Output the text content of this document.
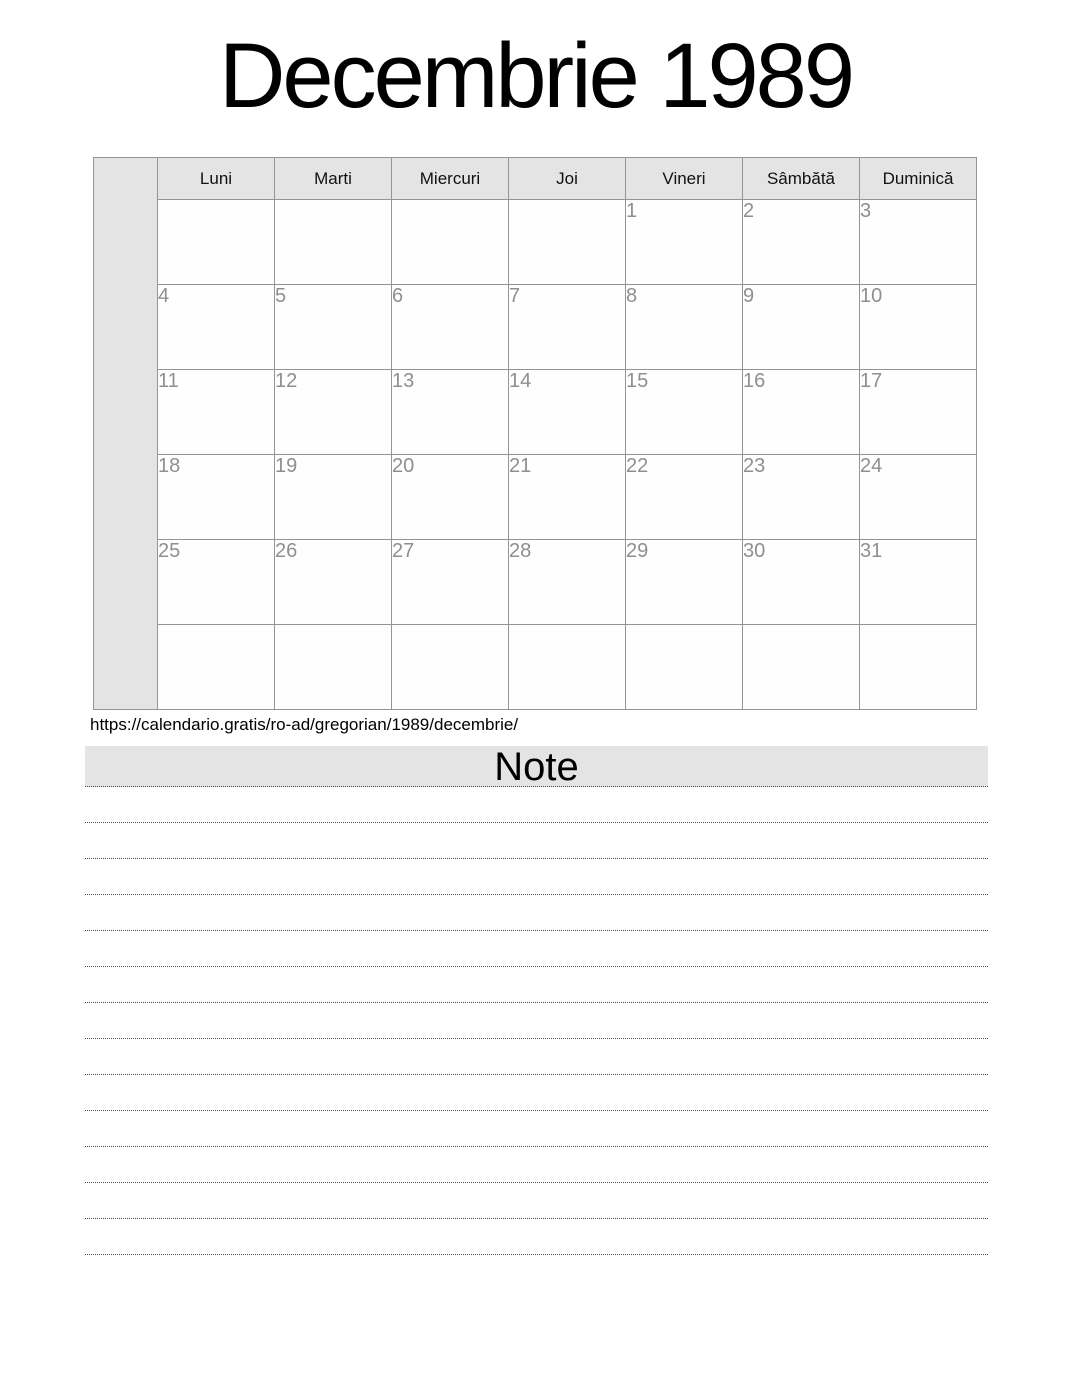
Decembrie 1989
	Luni	Marti	Miercuri	Joi	Vineri	Sâmbătă	Duminică
					1	2	3
	4	5	6	7	8	9	10
	11	12	13	14	15	16	17
	18	19	20	21	22	23	24
	25	26	27	28	29	30	31

https://calendario.gratis/ro-ad/gregorian/1989/decembrie/
Note
